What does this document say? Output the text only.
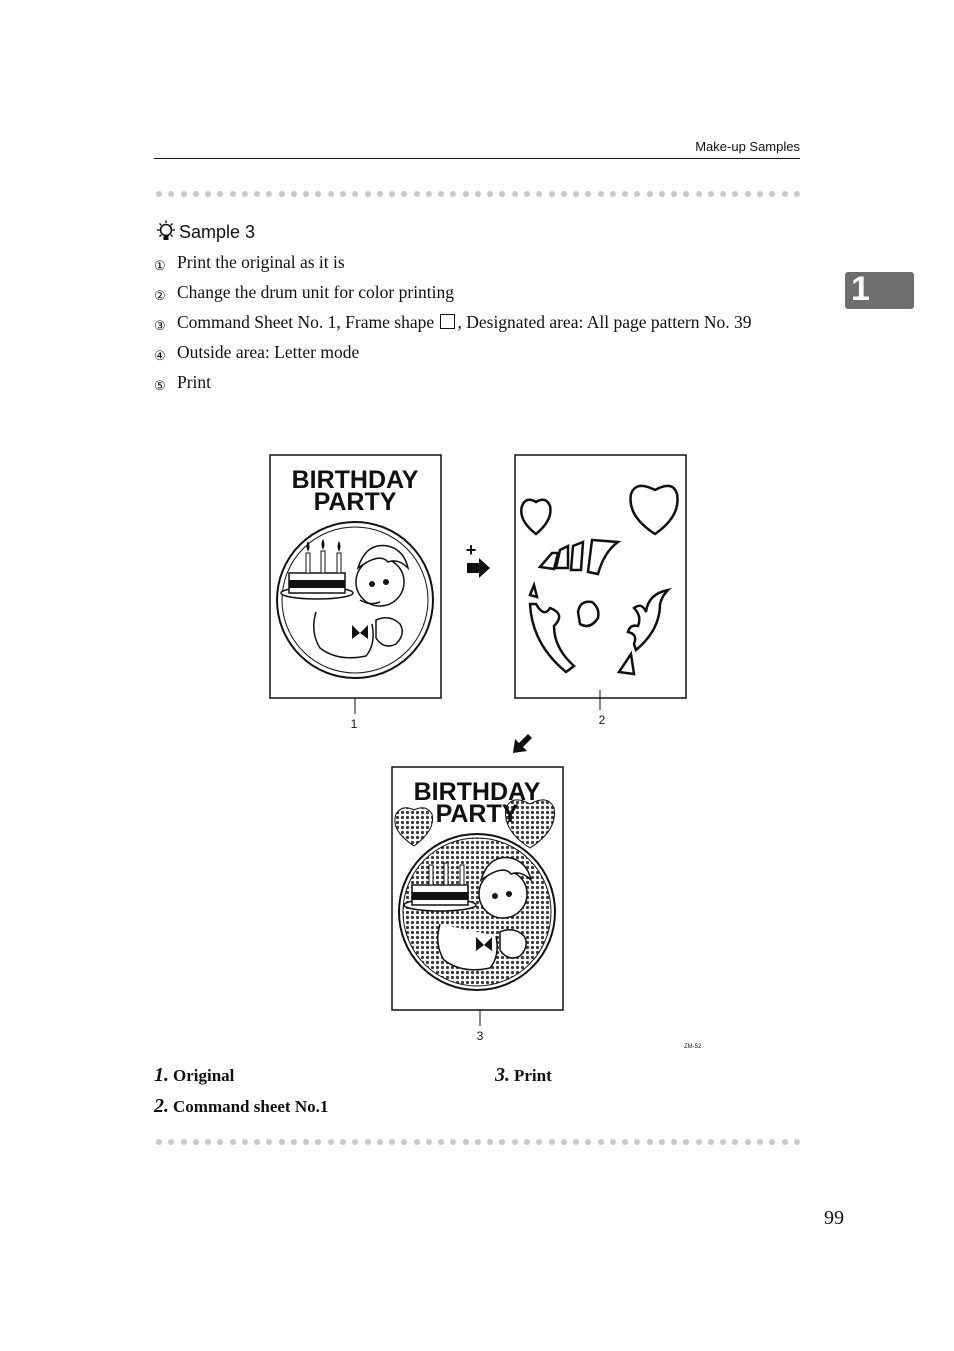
Make-up Samples
1
Sample 3
① Print the original as it is
② Change the drum unit for color printing
③ Command Sheet No. 1, Frame shape , Designated area: All page pattern No. 39
④ Outside area: Letter mode
⑤ Print
BIRTHDAY
PARTY
1
+
2
BIRTHDAY
PARTY
3
ZM-52
1. Original
2. Command sheet No.1
3. Print
99
